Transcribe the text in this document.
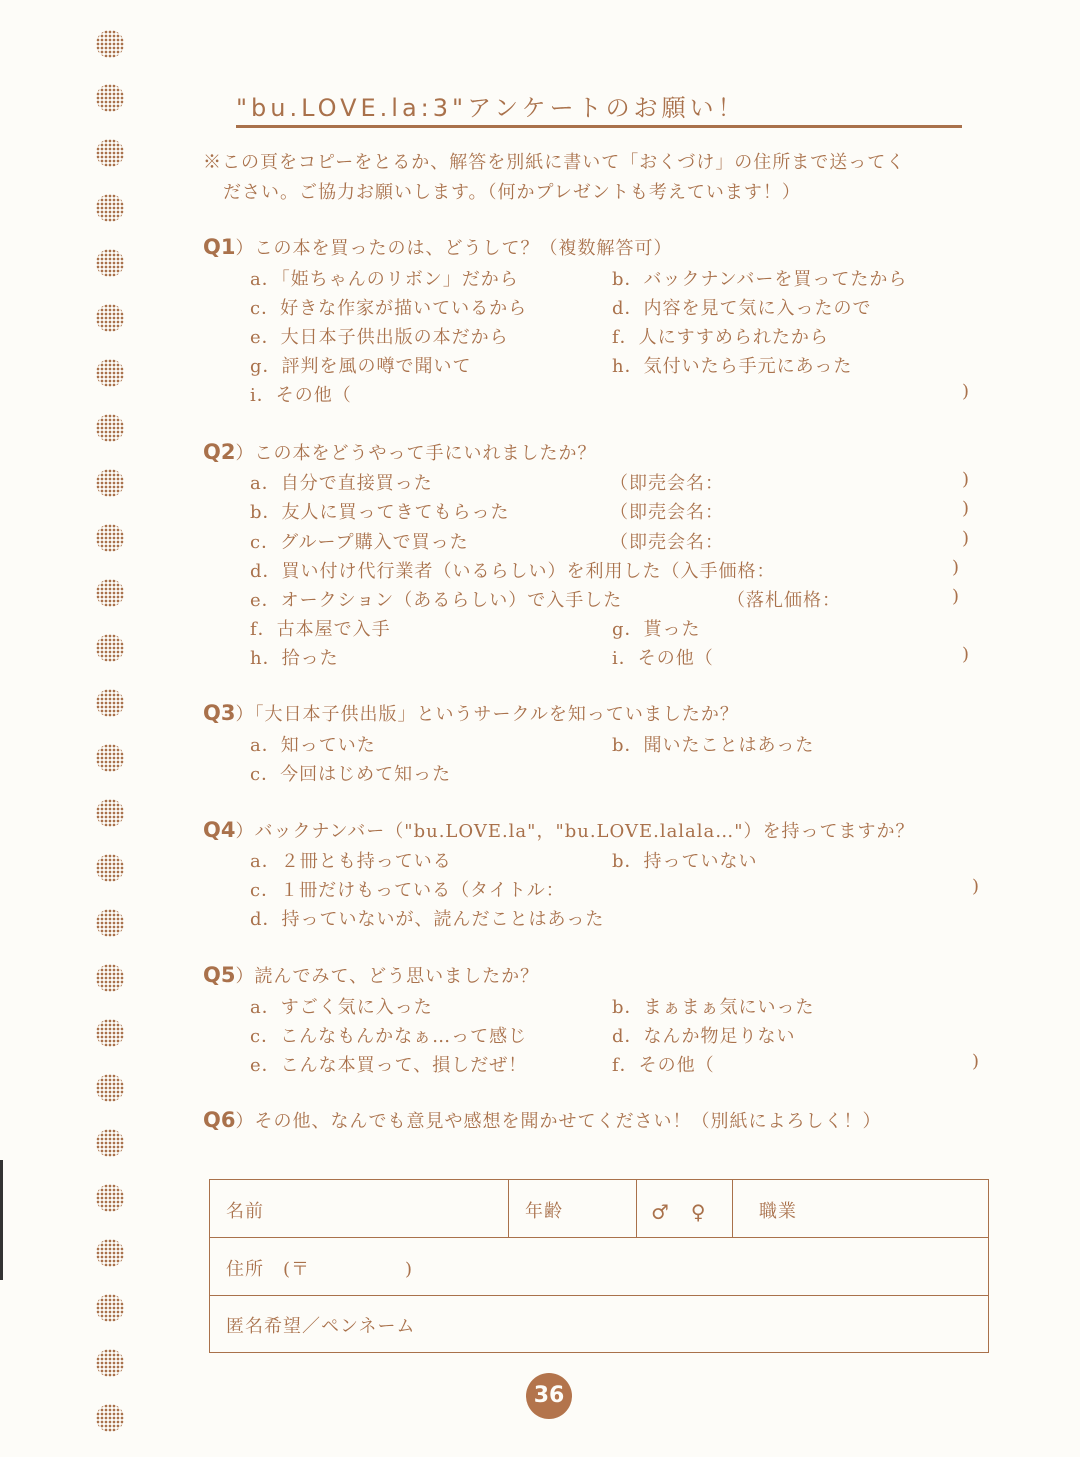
"bu.LOVE.la:3"アンケートのお願い！
※この頁をコピーをとるか、解答を別紙に書いて「おくづけ」の住所まで送ってく
ださい。ご協力お願いします。（何かプレゼントも考えています！）
Q1）この本を買ったのは、どうして？（複数解答可）
a．「姫ちゃんのリボン」だから	b．バックナンバーを買ってたから
c．好きな作家が描いているから	d．内容を見て気に入ったので
e．大日本子供出版の本だから	f．人にすすめられたから
g．評判を風の噂で聞いて	h．気付いたら手元にあった
i．その他（	)
Q2）この本をどうやって手にいれましたか？
a．自分で直接買った	（即売会名：	)
b．友人に買ってきてもらった	（即売会名：	)
c．グループ購入で買った	（即売会名：	)
d．買い付け代行業者（いるらしい）を利用した（入手価格：	)
e．オークション（あるらしい）で入手した	（落札価格：	)
f．古本屋で入手	g．貰った
h．拾った	i．その他（	)
Q3）「大日本子供出版」というサークルを知っていましたか？
a．知っていた	b．聞いたことはあった
c．今回はじめて知った
Q4）バックナンバー（"bu.LOVE.la"，"bu.LOVE.lalala…"）を持ってますか？
a．２冊とも持っている	b．持っていない
c．１冊だけもっている（タイトル：	)
d．持っていないが、読んだことはあった
Q5）読んでみて、どう思いましたか？
a．すごく気に入った	b．まぁまぁ気にいった
c．こんなもんかなぁ…って感じ	d．なんか物足りない
e．こんな本買って、損しだぜ！	f．その他（	)
Q6）その他、なんでも意見や感想を聞かせてください！（別紙によろしく！）
名前	年齢	♂　♀	職業
住所　(〒　　　　　)
匿名希望／ペンネーム
36
